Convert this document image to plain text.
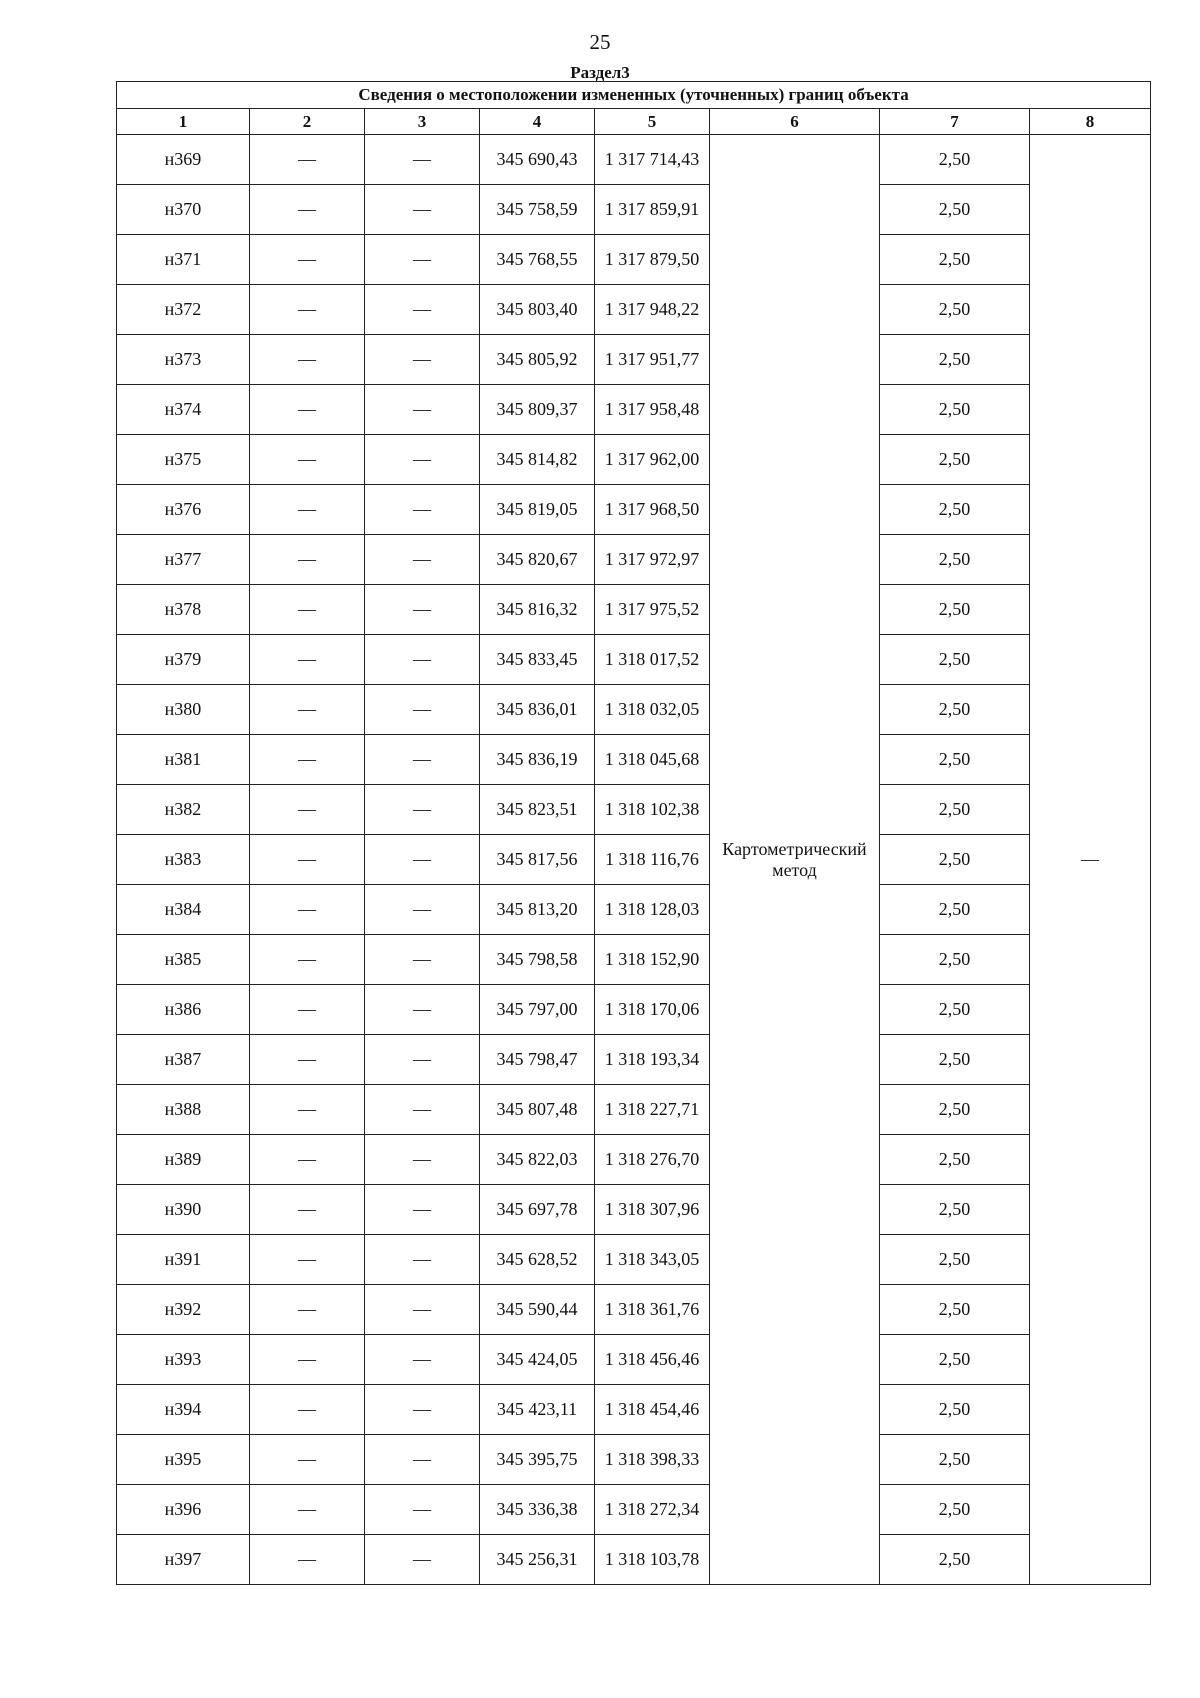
25
Раздел3
Сведения о местоположении измененных (уточненных) границ объекта							
1	2	3	4	5	6	7	8
н369	—	—	345 690,43	1 317 714,43	Картометрический метод	2,50	—
н370	—	—	345 758,59	1 317 859,91		2,50	
н371	—	—	345 768,55	1 317 879,50		2,50	
н372	—	—	345 803,40	1 317 948,22		2,50	
н373	—	—	345 805,92	1 317 951,77		2,50	
н374	—	—	345 809,37	1 317 958,48		2,50	
н375	—	—	345 814,82	1 317 962,00		2,50	
н376	—	—	345 819,05	1 317 968,50		2,50	
н377	—	—	345 820,67	1 317 972,97		2,50	
н378	—	—	345 816,32	1 317 975,52		2,50	
н379	—	—	345 833,45	1 318 017,52		2,50	
н380	—	—	345 836,01	1 318 032,05		2,50	
н381	—	—	345 836,19	1 318 045,68		2,50	
н382	—	—	345 823,51	1 318 102,38		2,50	
н383	—	—	345 817,56	1 318 116,76		2,50	
н384	—	—	345 813,20	1 318 128,03		2,50	
н385	—	—	345 798,58	1 318 152,90		2,50	
н386	—	—	345 797,00	1 318 170,06		2,50	
н387	—	—	345 798,47	1 318 193,34		2,50	
н388	—	—	345 807,48	1 318 227,71		2,50	
н389	—	—	345 822,03	1 318 276,70		2,50	
н390	—	—	345 697,78	1 318 307,96		2,50	
н391	—	—	345 628,52	1 318 343,05		2,50	
н392	—	—	345 590,44	1 318 361,76		2,50	
н393	—	—	345 424,05	1 318 456,46		2,50	
н394	—	—	345 423,11	1 318 454,46		2,50	
н395	—	—	345 395,75	1 318 398,33		2,50	
н396	—	—	345 336,38	1 318 272,34		2,50	
н397	—	—	345 256,31	1 318 103,78		2,50	
